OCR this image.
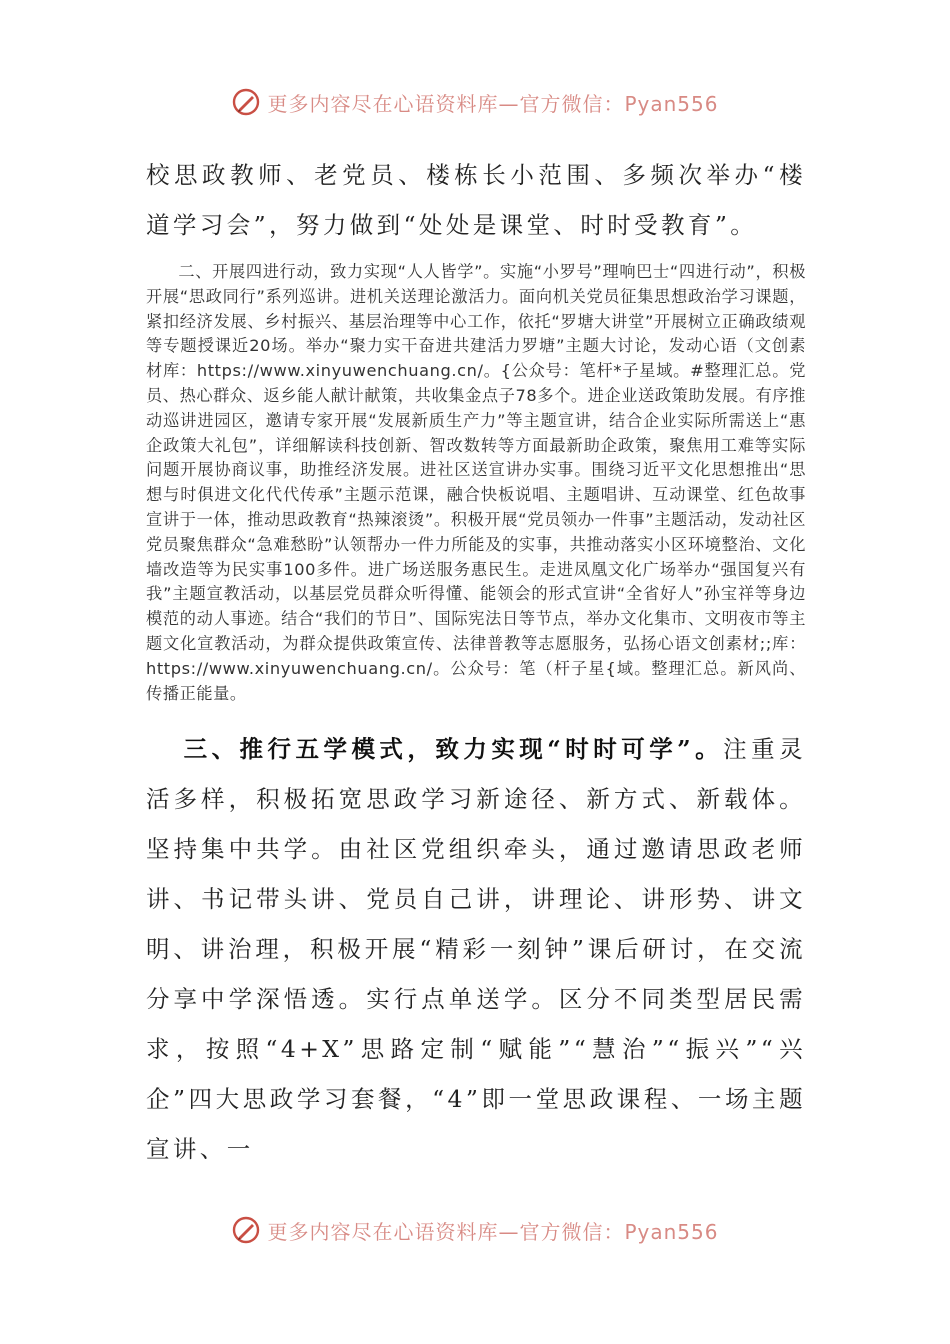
更多内容尽在心语资料库—官方微信：Pyan556

校思政教师、老党员、楼栋长小范围、多频次举办“楼道学习会”，努力做到“处处是课堂、时时受教育”。

二、开展四进行动，致力实现“人人皆学”。实施“小罗号”理响巴士“四进行动”，积极开展“思政同行”系列巡讲。进机关送理论激活力。面向机关党员征集思想政治学习课题，紧扣经济发展、乡村振兴、基层治理等中心工作，依托“罗塘大讲堂”开展树立正确政绩观等专题授课近20场。举办“聚力实干奋进共建活力罗塘”主题大讨论，发动心语（文创素材库：https://www.xinyuwenchuang.cn/。{公众号：笔杆*子星域。#整理汇总。党员、热心群众、返乡能人献计献策，共收集金点子78多个。进企业送政策助发展。有序推动巡讲进园区，邀请专家开展“发展新质生产力”等主题宣讲，结合企业实际所需送上“惠企政策大礼包”，详细解读科技创新、智改数转等方面最新助企政策，聚焦用工难等实际问题开展协商议事，助推经济发展。进社区送宣讲办实事。围绕习近平文化思想推出“思想与时俱进文化代代传承”主题示范课，融合快板说唱、主题唱讲、互动课堂、红色故事宣讲于一体，推动思政教育“热辣滚烫”。积极开展“党员领办一件事”主题活动，发动社区党员聚焦群众“急难愁盼”认领帮办一件力所能及的实事，共推动落实小区环境整治、文化墙改造等为民实事100多件。进广场送服务惠民生。走进凤凰文化广场举办“强国复兴有我”主题宣教活动，以基层党员群众听得懂、能领会的形式宣讲“全省好人”孙宝祥等身边模范的动人事迹。结合“我们的节日”、国际宪法日等节点，举办文化集市、文明夜市等主题文化宣教活动，为群众提供政策宣传、法律普教等志愿服务，弘扬心语文创素材;;库：https://www.xinyuwenchuang.cn/。公众号：笔（杆子星{域。整理汇总。新风尚、传播正能量。

三、推行五学模式，致力实现“时时可学”。注重灵活多样，积极拓宽思政学习新途径、新方式、新载体。坚持集中共学。由社区党组织牵头，通过邀请思政老师讲、书记带头讲、党员自己讲，讲理论、讲形势、讲文明、讲治理，积极开展“精彩一刻钟”课后研讨，在交流分享中学深悟透。实行点单送学。区分不同类型居民需求，按照“4+X”思路定制“赋能”“慧治”“振兴”“兴企”四大思政学习套餐，“4”即一堂思政课程、一场主题宣讲、一

更多内容尽在心语资料库—官方微信：Pyan556
